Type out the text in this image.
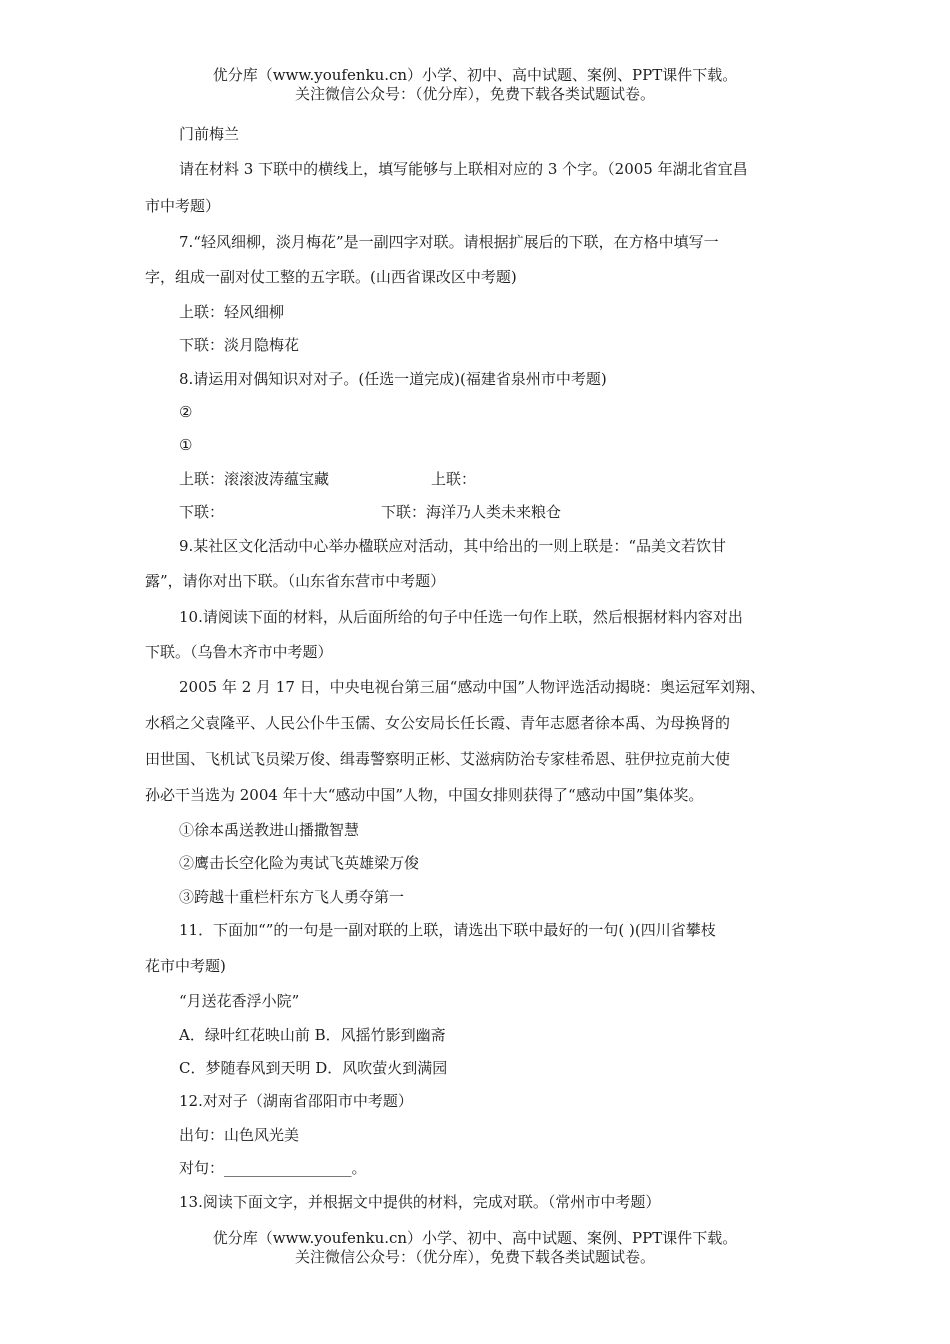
优分库（www.youfenku.cn）小学、初中、高中试题、案例、PPT课件下载。
关注微信公众号：（优分库），免费下载各类试题试卷。
门前梅兰
请在材料 3 下联中的横线上，填写能够与上联相对应的 3 个字。（2005 年湖北省宜昌
市中考题）
7.“轻风细柳，淡月梅花”是一副四字对联。请根据扩展后的下联，在方格中填写一
字，组成一副对仗工整的五字联。(山西省课改区中考题)
上联：轻风细柳
下联：淡月隐梅花
8.请运用对偶知识对对子。(任选一道完成)(福建省泉州市中考题)
②
①
上联：滚滚波涛蕴宝藏	上联：
下联：	下联：海洋乃人类未来粮仓
9.某社区文化活动中心举办楹联应对活动，其中给出的一则上联是：“品美文若饮甘
露”，请你对出下联。（山东省东营市中考题）
10.请阅读下面的材料，从后面所给的句子中任选一句作上联，然后根据材料内容对出
下联。（乌鲁木齐市中考题）
2005 年 2 月 17 日，中央电视台第三届“感动中国”人物评选活动揭晓：奥运冠军刘翔、
水稻之父袁隆平、人民公仆牛玉儒、女公安局长任长霞、青年志愿者徐本禹、为母换肾的
田世国、飞机试飞员梁万俊、缉毒警察明正彬、艾滋病防治专家桂希恩、驻伊拉克前大使
孙必干当选为 2004 年十大“感动中国”人物，中国女排则获得了“感动中国”集体奖。
①徐本禹送教进山播撒智慧
②鹰击长空化险为夷试飞英雄梁万俊
③跨越十重栏杆东方飞人勇夺第一
11．下面加“”的一句是一副对联的上联，请选出下联中最好的一句( )(四川省攀枝
花市中考题)
“月送花香浮小院”
A．绿叶红花映山前 B．风摇竹影到幽斋
C．梦随春风到天明 D．风吹萤火到满园
12.对对子（湖南省邵阳市中考题）
出句：山色风光美
对句：_________________。
13.阅读下面文字，并根据文中提供的材料，完成对联。（常州市中考题）
优分库（www.youfenku.cn）小学、初中、高中试题、案例、PPT课件下载。
关注微信公众号：（优分库），免费下载各类试题试卷。
